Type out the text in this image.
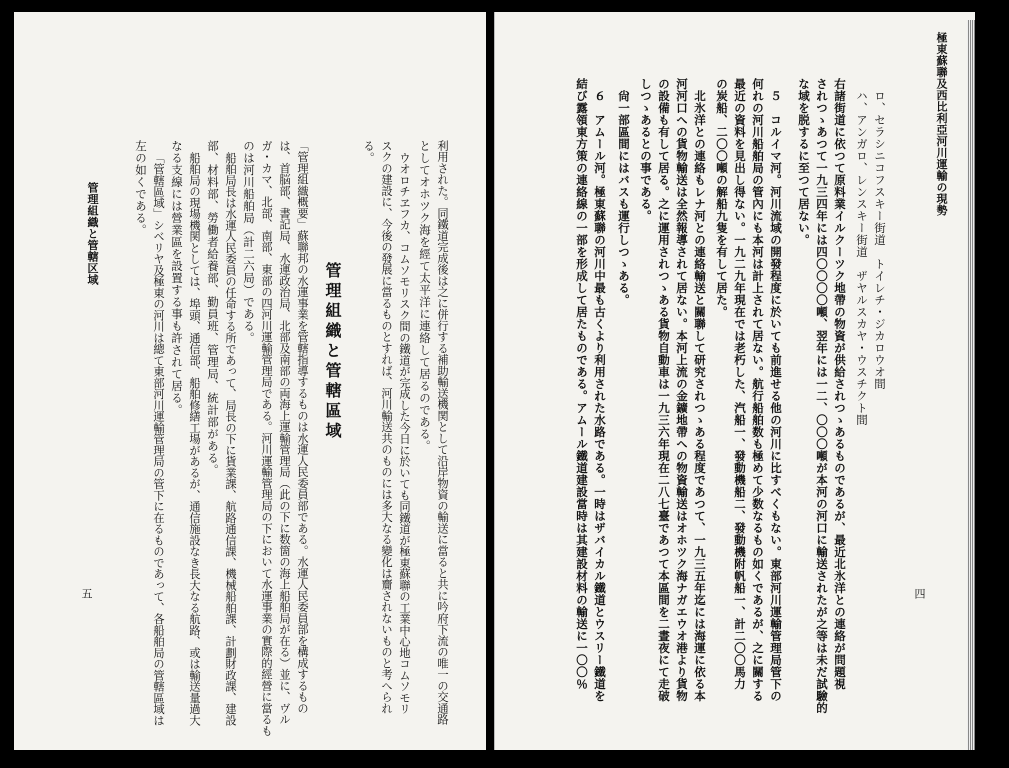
利用された。同鐵道完成後は之に併行する補助輸送機関として沿岸物資の輸送に當ると共に吟府下流の唯一の交通路
としてオホツク海を經て太平洋に連絡して居るのである。
ウオロチヱフカ、コムソモリスク間の鐵道が完成した今日に於いても同鐵道が極東蘇聯の工業中心地コムソモリ
スクの建設に、今後の發展に當るものとすれば、河川輸送共のものには多大なる變化は齎されないものと考へられ
る。
管理組織と管轄區域
「管理組織概要」蘇聯邦の水運事業を管轄指導するものは水運人民委員部である。水運人民委員部を構成するもの
は、首脳部、書記局、水運政治局、北部及南部の両海上運輸管理局（此の下に数箇の海上船舶局が在る）並に、ヴル
ガ・カマ、北部、南部、東部の四河川運輸管理局である。河川運輸管理局の下において水運事業の實際的經營に當るも
のは河川船舶局（計二六局）である。
船舶局長は水運人民委員の任命する所であって、局長の下に貨業課、航路通信課、機械船舶課、計劃財政課、建設
部、材料部、勞働者給養部、勤員班、管理局、統計部がある。
船舶局の現場機関としては、埠頭、通信部、船舶修繕工場があるが、通信施設なき長大なる航路、或は輸送量過大
なる支線には營業區を設置する事も許されて居る。
「管轄區域」シベリヤ及極東の河川は總て東部河川運輸管理局の管下に在るものであって、各船舶局の管轄區域は
左の如くである。
管理組織と管轄区域
五	四
極東蘇聯及西比利亞河川運輸の現勢
ロ、セラシニコフスキー街道　トイレチ・ジカロウオ間
ハ、アンガロ、レンスキー街道　ザヤルスカヤ・ウスチクト間
右諸街道に依つて原料業イルクーツク地帶の物資が供給されつゝあるものであるが、最近北氷洋との連絡が問題視
されつゝあつて一九三四年には四〇〇〇〇噸、翌年には一二、〇〇〇噸が本河の河口に輸送されたが之等は未だ試驗的
な域を脱するに至つて居ない。
５　コルイマ河。河川流域の開發程度に於いても前進せる他の河川に比すべくもない。東部河川運輸管理局管下の
何れの河川船舶局の管內にも本河は計上されて居ない。航行船舶数も極めて少数なるもの如くであるが、之に關する
最近の資料を見出し得ない。一九二九年現在では老朽した、汽船一、發動機船二、發動機附帆船一、計二〇〇馬力
の炭船、二〇〇噸の解船九隻を有して居た。
北氷洋との連絡もレナ河との連絡輸送と關聯して研究されつゝある程度であつて、一九三五年迄には海運に依る本
河河口への貨物輸送は全然報導されて居ない。本河上流の金鑛地帶への物資輸送はオホツク海ナガエウオ港より貨物
の設備も有して居る。之に運用されつゝある貨物自動車は一九三六年現在二八七臺であつて本區間を二晝夜にて走破
しつゝあるとの事である。
尙一部區間にはバスも運行しつゝある。
６　アムール河。極東蘇聯の河川中最も古くより利用された水路である。一時はザバイカル鐵道とウスリー鐵道を
結び露領東方策の連絡線の一部を形成して居たものである。アムール鐵道建設當時は其建設材料の輸送に一〇〇％
